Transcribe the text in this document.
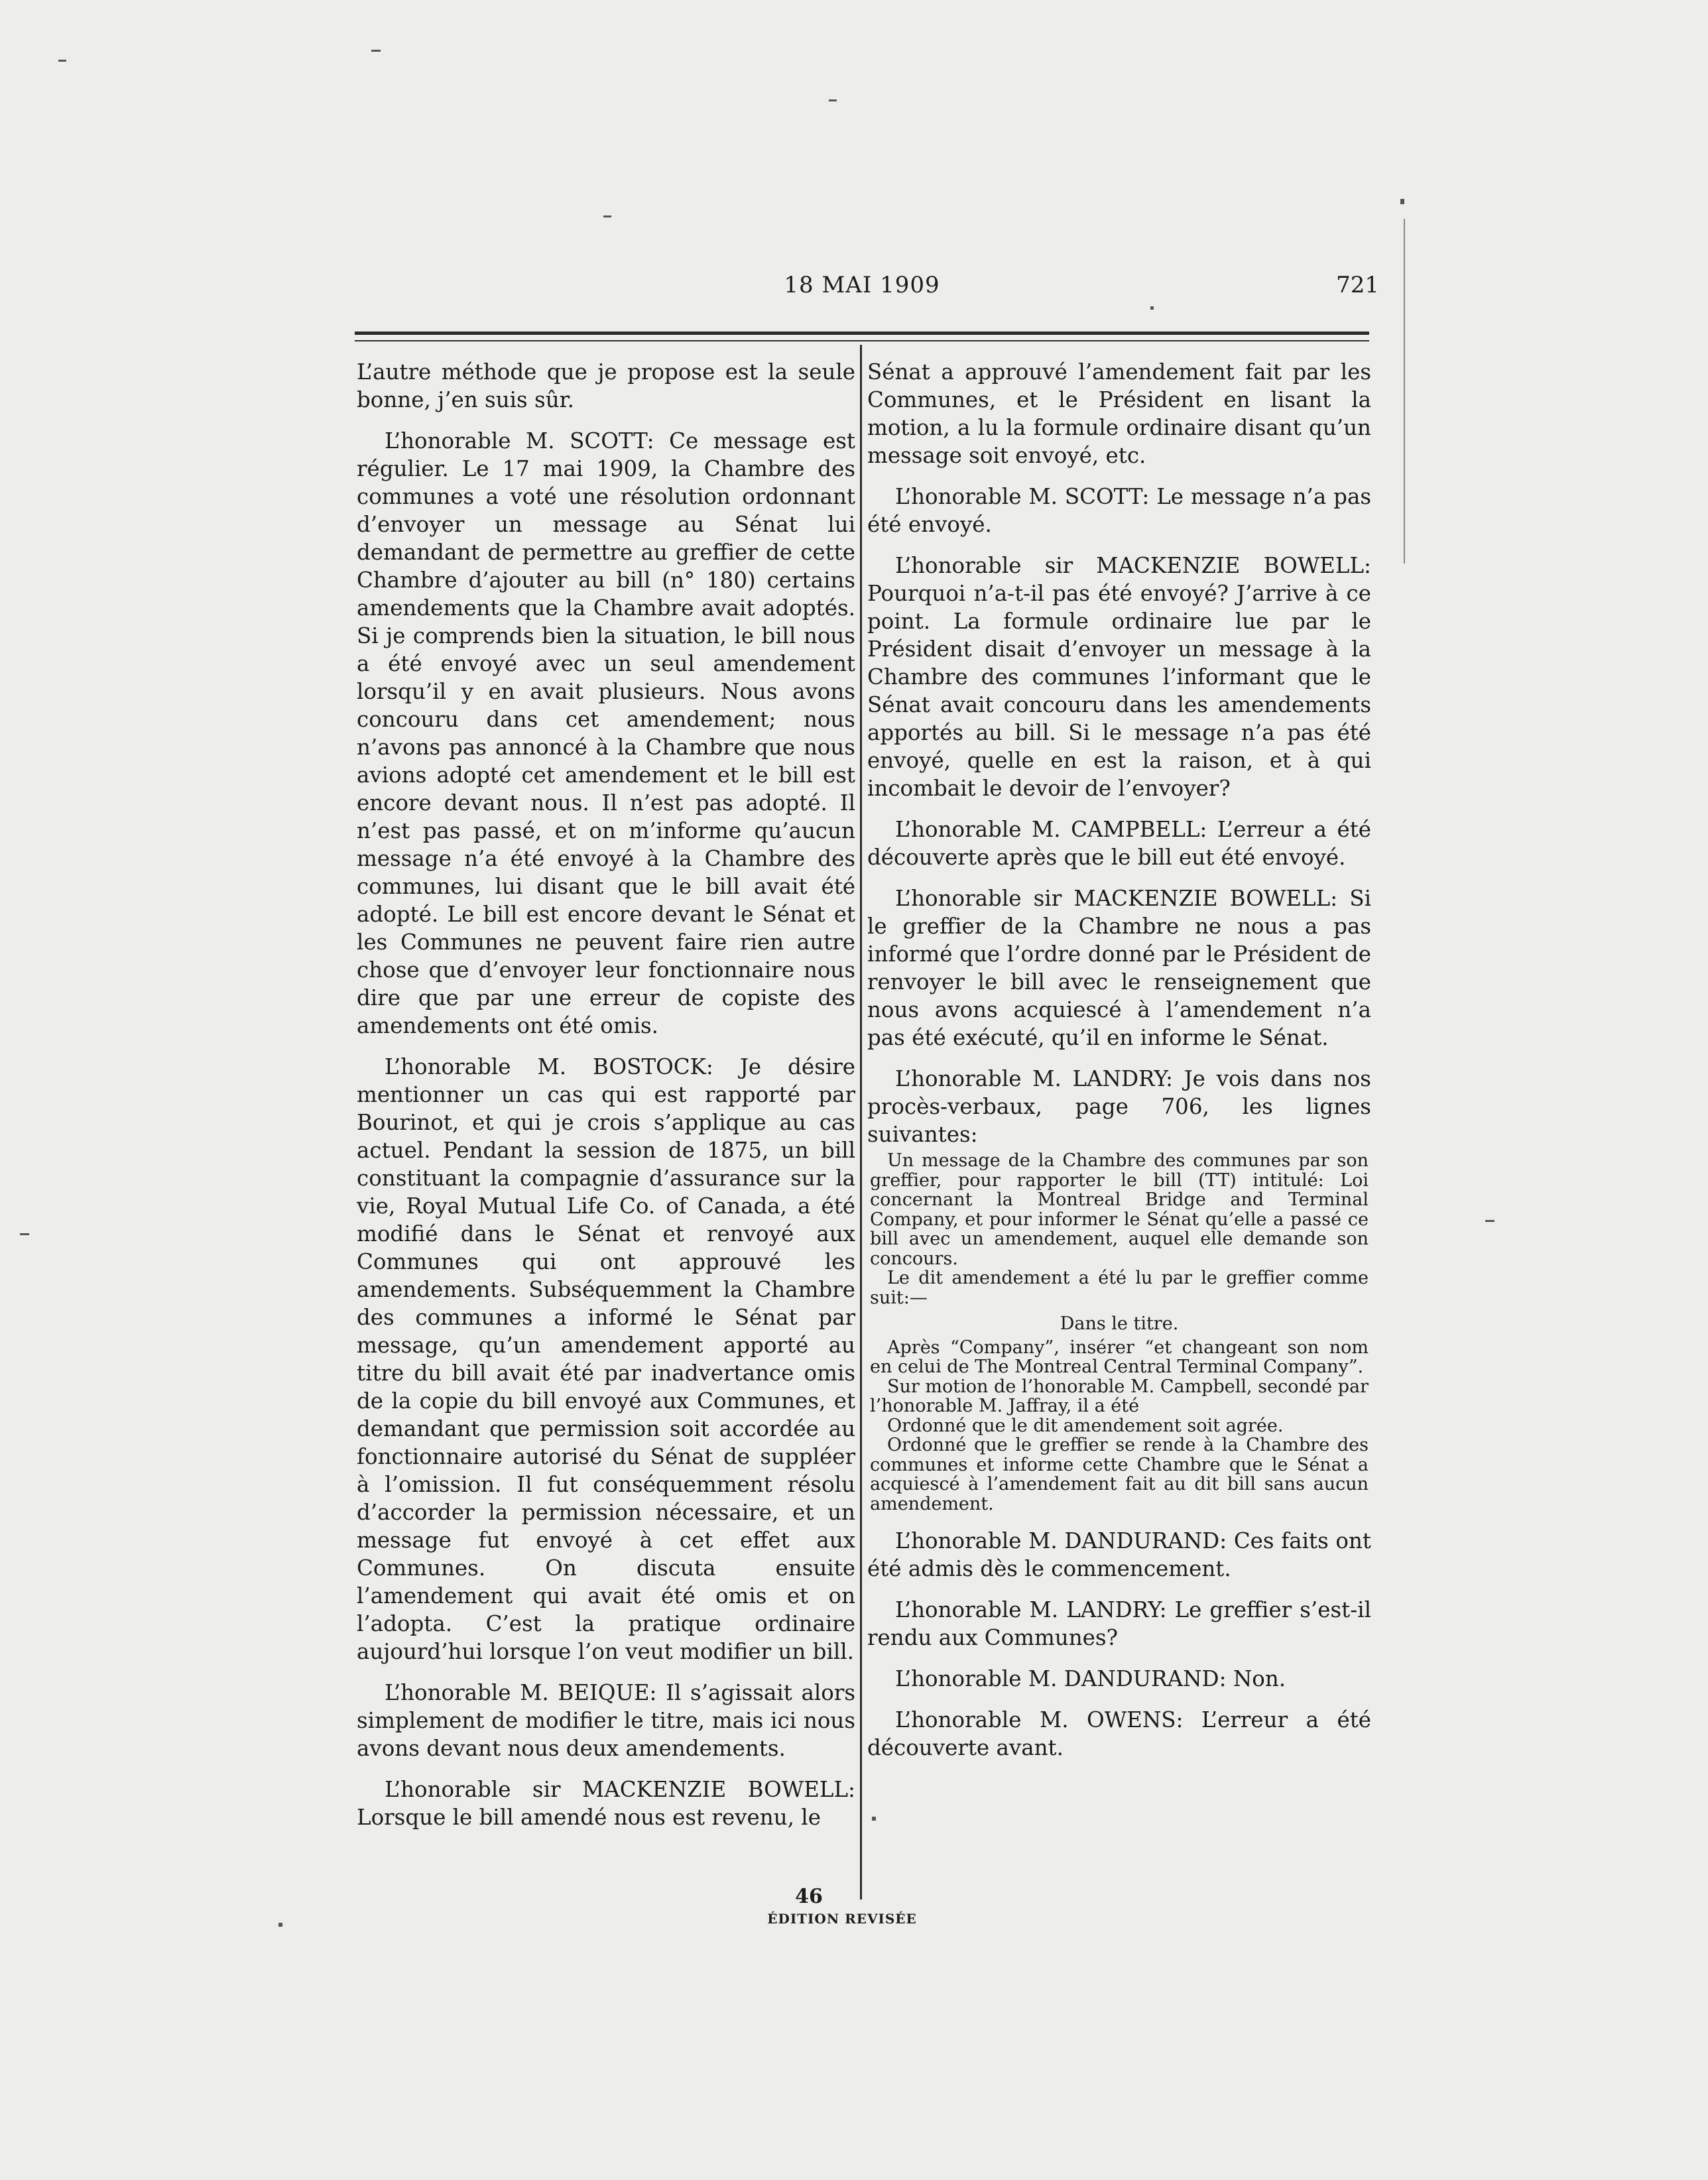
18 MAI 1909	721

L’autre méthode que je propose est la seule bonne, j’en suis sûr.

L’honorable M. SCOTT: Ce message est régulier. Le 17 mai 1909, la Chambre des communes a voté une résolution ordonnant d’envoyer un message au Sénat lui demandant de permettre au greffier de cette Chambre d’ajouter au bill (n° 180) certains amendements que la Chambre avait adoptés. Si je comprends bien la situation, le bill nous a été envoyé avec un seul amendement lorsqu’il y en avait plusieurs. Nous avons concouru dans cet amendement; nous n’avons pas annoncé à la Chambre que nous avions adopté cet amendement et le bill est encore devant nous. Il n’est pas adopté. Il n’est pas passé, et on m’informe qu’aucun message n’a été envoyé à la Chambre des communes, lui disant que le bill avait été adopté. Le bill est encore devant le Sénat et les Communes ne peuvent faire rien autre chose que d’envoyer leur fonctionnaire nous dire que par une erreur de copiste des amendements ont été omis.

L’honorable M. BOSTOCK: Je désire mentionner un cas qui est rapporté par Bourinot, et qui je crois s’applique au cas actuel. Pendant la session de 1875, un bill constituant la compagnie d’assurance sur la vie, Royal Mutual Life Co. of Canada, a été modifié dans le Sénat et renvoyé aux Communes qui ont approuvé les amendements. Subséquemment la Chambre des communes a informé le Sénat par message, qu’un amendement apporté au titre du bill avait été par inadvertance omis de la copie du bill envoyé aux Communes, et demandant que permission soit accordée au fonctionnaire autorisé du Sénat de suppléer à l’omission. Il fut conséquemment résolu d’accorder la permission nécessaire, et un message fut envoyé à cet effet aux Communes. On discuta ensuite l’amendement qui avait été omis et on l’adopta. C’est la pratique ordinaire aujourd’hui lorsque l’on veut modifier un bill.

L’honorable M. BEIQUE: Il s’agissait alors simplement de modifier le titre, mais ici nous avons devant nous deux amendements.

L’honorable sir MACKENZIE BOWELL: Lorsque le bill amendé nous est revenu, le

Sénat a approuvé l’amendement fait par les Communes, et le Président en lisant la motion, a lu la formule ordinaire disant qu’un message soit envoyé, etc.

L’honorable M. SCOTT: Le message n’a pas été envoyé.

L’honorable sir MACKENZIE BOWELL: Pourquoi n’a-t-il pas été envoyé? J’arrive à ce point. La formule ordinaire lue par le Président disait d’envoyer un message à la Chambre des communes l’informant que le Sénat avait concouru dans les amendements apportés au bill. Si le message n’a pas été envoyé, quelle en est la raison, et à qui incombait le devoir de l’envoyer?

L’honorable M. CAMPBELL: L’erreur a été découverte après que le bill eut été envoyé.

L’honorable sir MACKENZIE BOWELL: Si le greffier de la Chambre ne nous a pas informé que l’ordre donné par le Président de renvoyer le bill avec le renseignement que nous avons acquiescé à l’amendement n’a pas été exécuté, qu’il en informe le Sénat.

L’honorable M. LANDRY: Je vois dans nos procès-verbaux, page 706, les lignes suivantes:

Un message de la Chambre des communes par son greffier, pour rapporter le bill (TT) intitulé: Loi concernant la Montreal Bridge and Terminal Company, et pour informer le Sénat qu’elle a passé ce bill avec un amendement, auquel elle demande son concours.
Le dit amendement a été lu par le greffier comme suit:—
Dans le titre.
Après “Company”, insérer “et changeant son nom en celui de The Montreal Central Terminal Company”.
Sur motion de l’honorable M. Campbell, secondé par l’honorable M. Jaffray, il a été
Ordonné que le dit amendement soit agrée.
Ordonné que le greffier se rende à la Chambre des communes et informe cette Chambre que le Sénat a acquiescé à l’amendement fait au dit bill sans aucun amendement.

L’honorable M. DANDURAND: Ces faits ont été admis dès le commencement.

L’honorable M. LANDRY: Le greffier s’est-il rendu aux Communes?

L’honorable M. DANDURAND: Non.

L’honorable M. OWENS: L’erreur a été découverte avant.

46
ÉDITION REVISÉE
